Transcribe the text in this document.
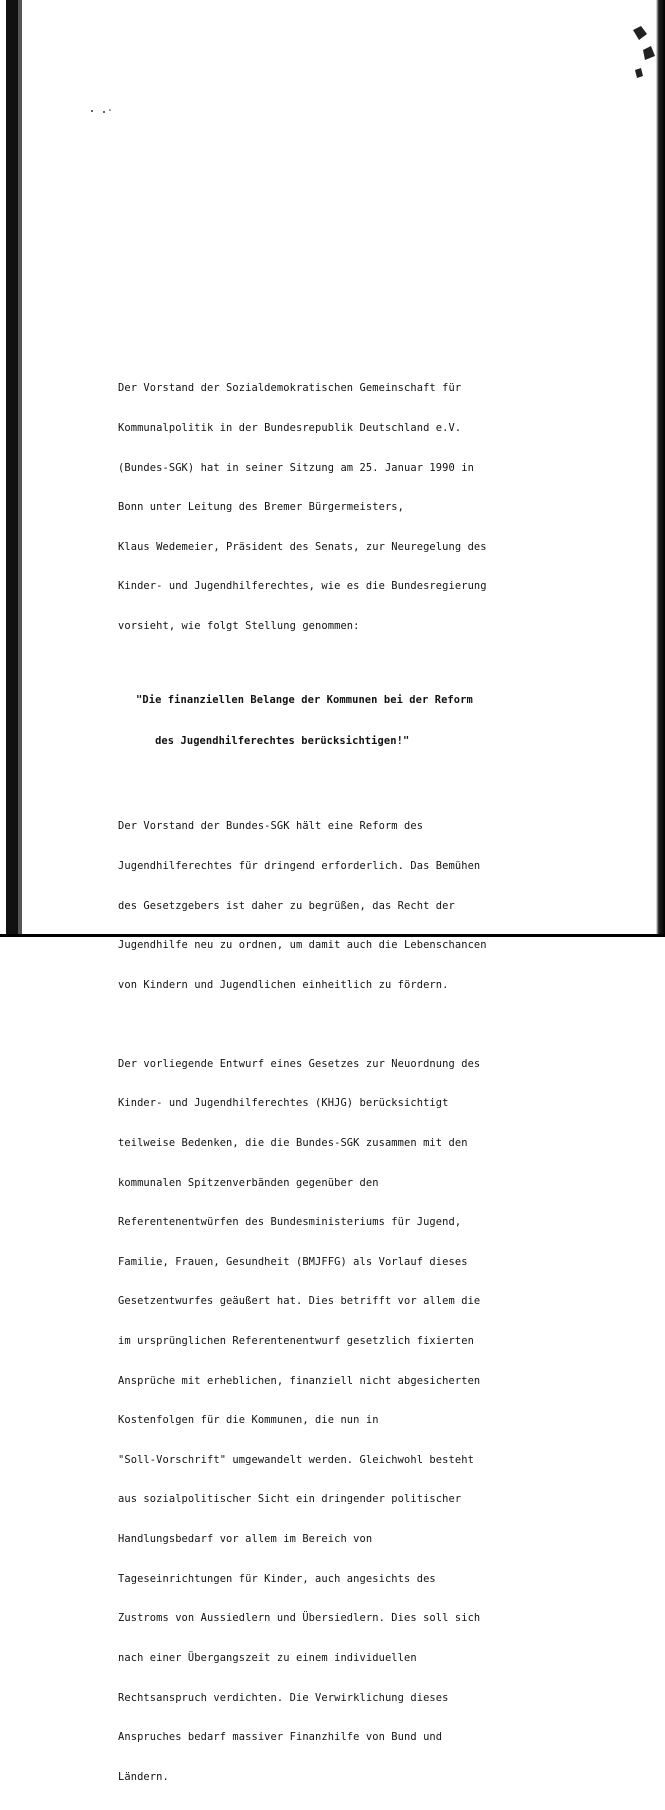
Der Vorstand der Sozialdemokratischen Gemeinschaft für

Kommunalpolitik in der Bundesrepublik Deutschland e.V.

(Bundes-SGK) hat in seiner Sitzung am 25. Januar 1990 in

Bonn unter Leitung des Bremer Bürgermeisters,

Klaus Wedemeier, Präsident des Senats, zur Neuregelung des

Kinder- und Jugendhilferechtes, wie es die Bundesregierung

vorsieht, wie folgt Stellung genommen:

"Die finanziellen Belange der Kommunen bei der Reform

des Jugendhilferechtes berücksichtigen!"

Der Vorstand der Bundes-SGK hält eine Reform des

Jugendhilferechtes für dringend erforderlich. Das Bemühen

des Gesetzgebers ist daher zu begrüßen, das Recht der

Jugendhilfe neu zu ordnen, um damit auch die Lebenschancen

von Kindern und Jugendlichen einheitlich zu fördern.

Der vorliegende Entwurf eines Gesetzes zur Neuordnung des

Kinder- und Jugendhilferechtes (KHJG) berücksichtigt

teilweise Bedenken, die die Bundes-SGK zusammen mit den

kommunalen Spitzenverbänden gegenüber den

Referentenentwürfen des Bundesministeriums für Jugend,

Familie, Frauen, Gesundheit (BMJFFG) als Vorlauf dieses

Gesetzentwurfes geäußert hat. Dies betrifft vor allem die

im ursprünglichen Referentenentwurf gesetzlich fixierten

Ansprüche mit erheblichen, finanziell nicht abgesicherten

Kostenfolgen für die Kommunen, die nun in

"Soll-Vorschrift" umgewandelt werden. Gleichwohl besteht

aus sozialpolitischer Sicht ein dringender politischer

Handlungsbedarf vor allem im Bereich von

Tageseinrichtungen für Kinder, auch angesichts des

Zustroms von Aussiedlern und Übersiedlern. Dies soll sich

nach einer Übergangszeit zu einem individuellen

Rechtsanspruch verdichten. Die Verwirklichung dieses

Anspruches bedarf massiver Finanzhilfe von Bund und

Ländern.
